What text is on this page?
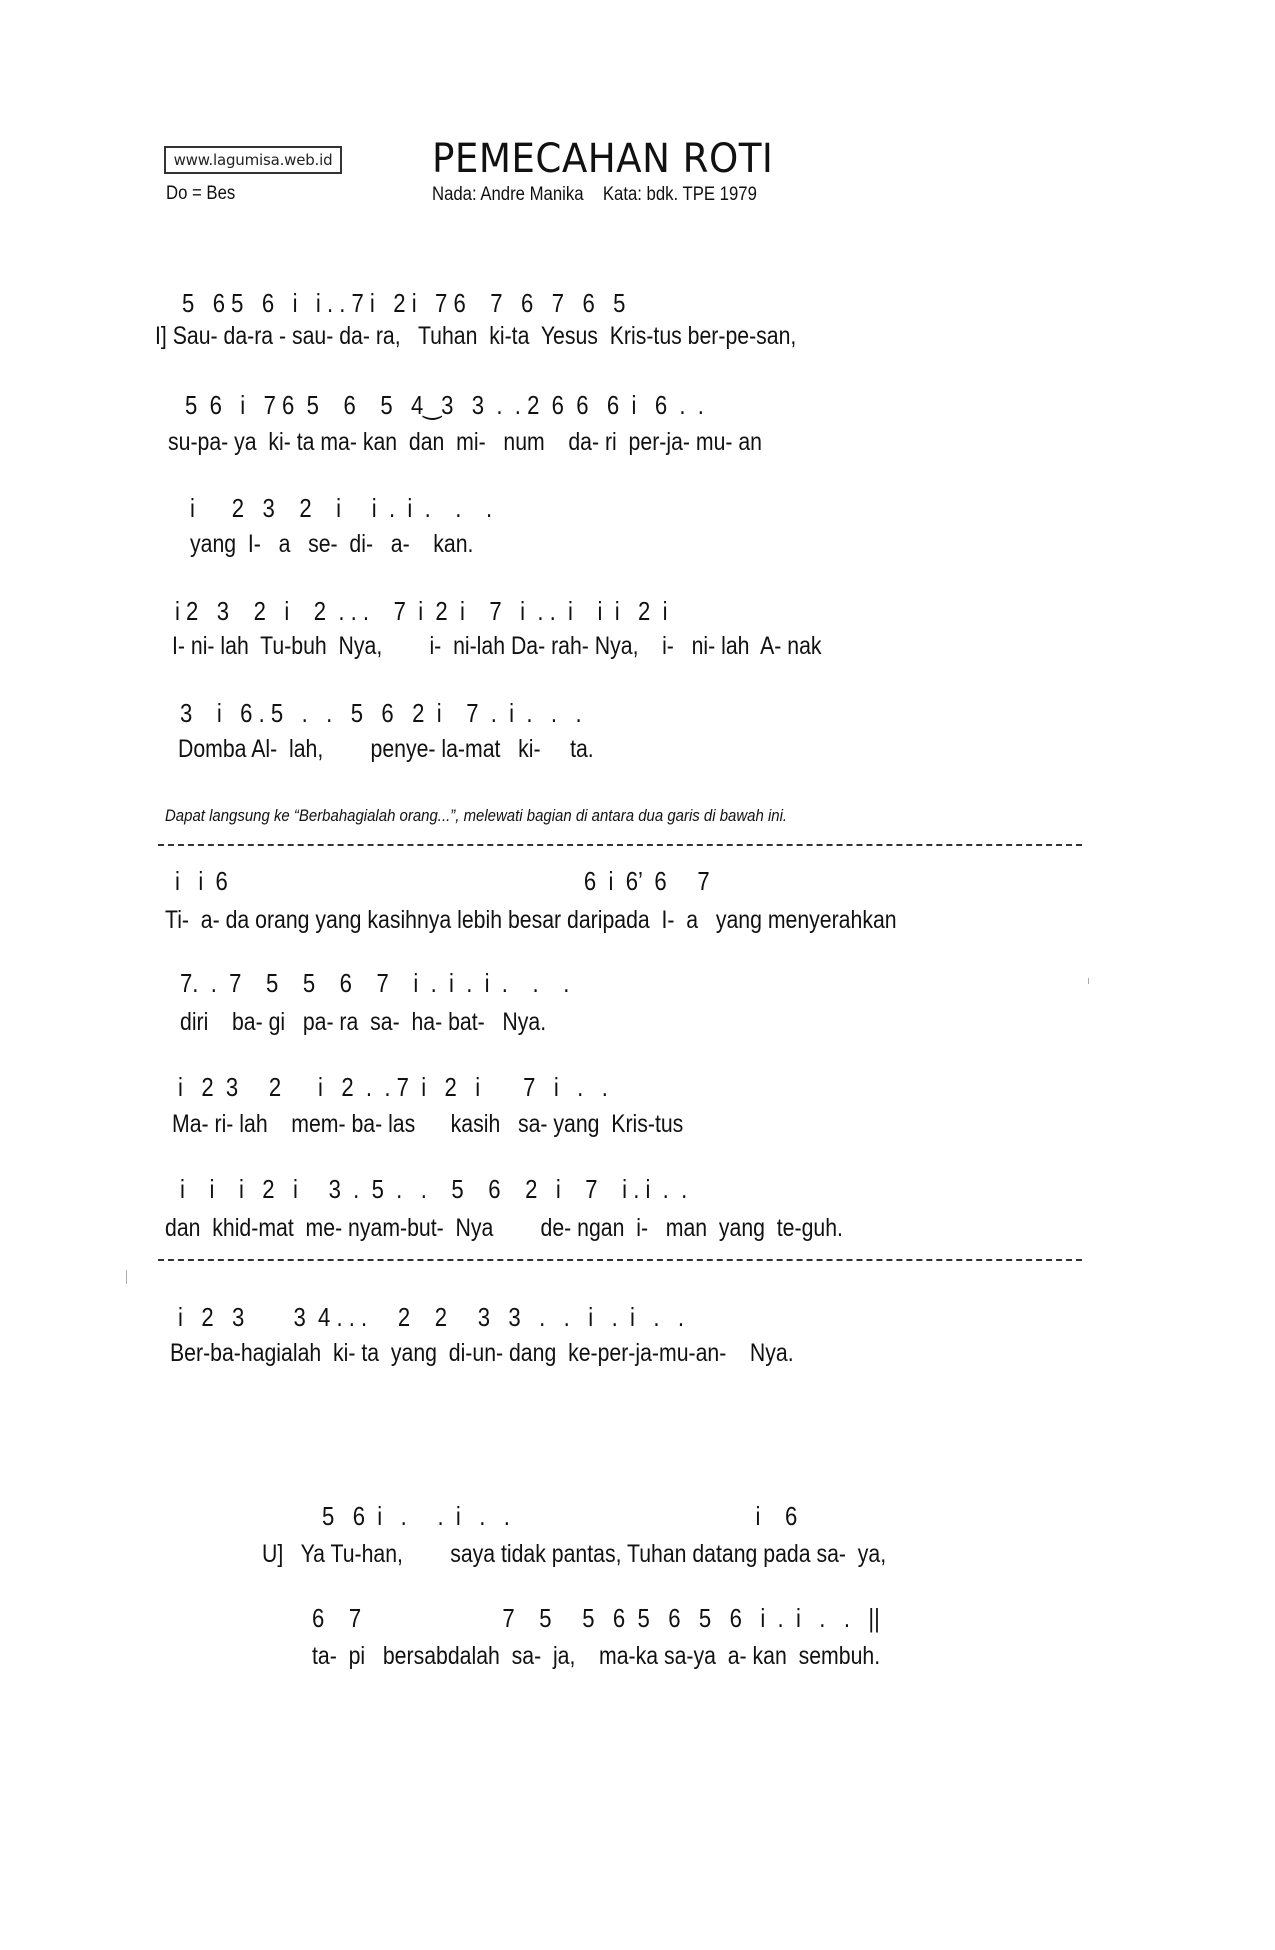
www.lagumisa.web.id
Do = Bes
PEMECAHAN ROTI
Nada: Andre Manika Kata: bdk. TPE 1979
5   6 5   6   i   i . . 7 i   2 i   7 6    7   6   7   6   5
I] Sau- da-ra - sau- da- ra,   Tuhan  ki-ta  Yesus  Kris-tus ber-pe-san,
5  6   i   7 6  5    6    5   4‿3   3  .  . 2  6  6   6  i   6  .  .
su-pa- ya  ki- ta ma- kan  dan  mi-   num    da- ri  per-ja- mu- an
i      2   3    2    i     i  .  i  .    .    .
yang  I-   a   se-  di-   a-    kan.
i 2   3    2   i    2  . . .    7  i  2  i    7   i  . .  i    i  i   2  i
I- ni- lah  Tu-buh  Nya,        i-  ni-lah Da- rah- Nya,    i-   ni- lah  A- nak
3    i   6 . 5   .   .   5   6   2  i    7  .  i  .   .   .
Domba Al-  lah,        penye- la-mat   ki-     ta.
Dapat langsung ke “Berbahagialah orang...”, melewati bagian di antara dua garis di bawah ini.
i   i  6                                                          6  i  6’  6     7
Ti-  a- da orang yang kasihnya lebih besar daripada  I-  a   yang menyerahkan
7.  .  7    5    5    6    7    i  .  i  .  i  .    .    .
diri    ba- gi   pa- ra  sa-  ha- bat-   Nya.
i   2  3     2      i   2  .  . 7  i   2   i       7   i   .   .
Ma- ri- lah    mem- ba- las      kasih   sa- yang  Kris-tus
i    i    i   2   i     3  .  5  .   .    5    6    2   i    7    i . i  .  .
dan  khid-mat  me- nyam-but-  Nya        de- ngan  i-   man  yang  te-guh.
i   2   3        3  4 . . .     2    2     3   3   .   .   i   .  i   .   .
Ber-ba-hagialah  ki- ta  yang  di-un- dang  ke-per-ja-mu-an-    Nya.
5   6  i   .     .  i   .   .                                        i    6
U]   Ya Tu-han,        saya tidak pantas, Tuhan datang pada sa-  ya,
6    7                       7    5     5   6  5   6   5   6   i  .  i   .   .   ||
ta-  pi   bersabdalah  sa-  ja,    ma-ka sa-ya  a- kan  sembuh.
